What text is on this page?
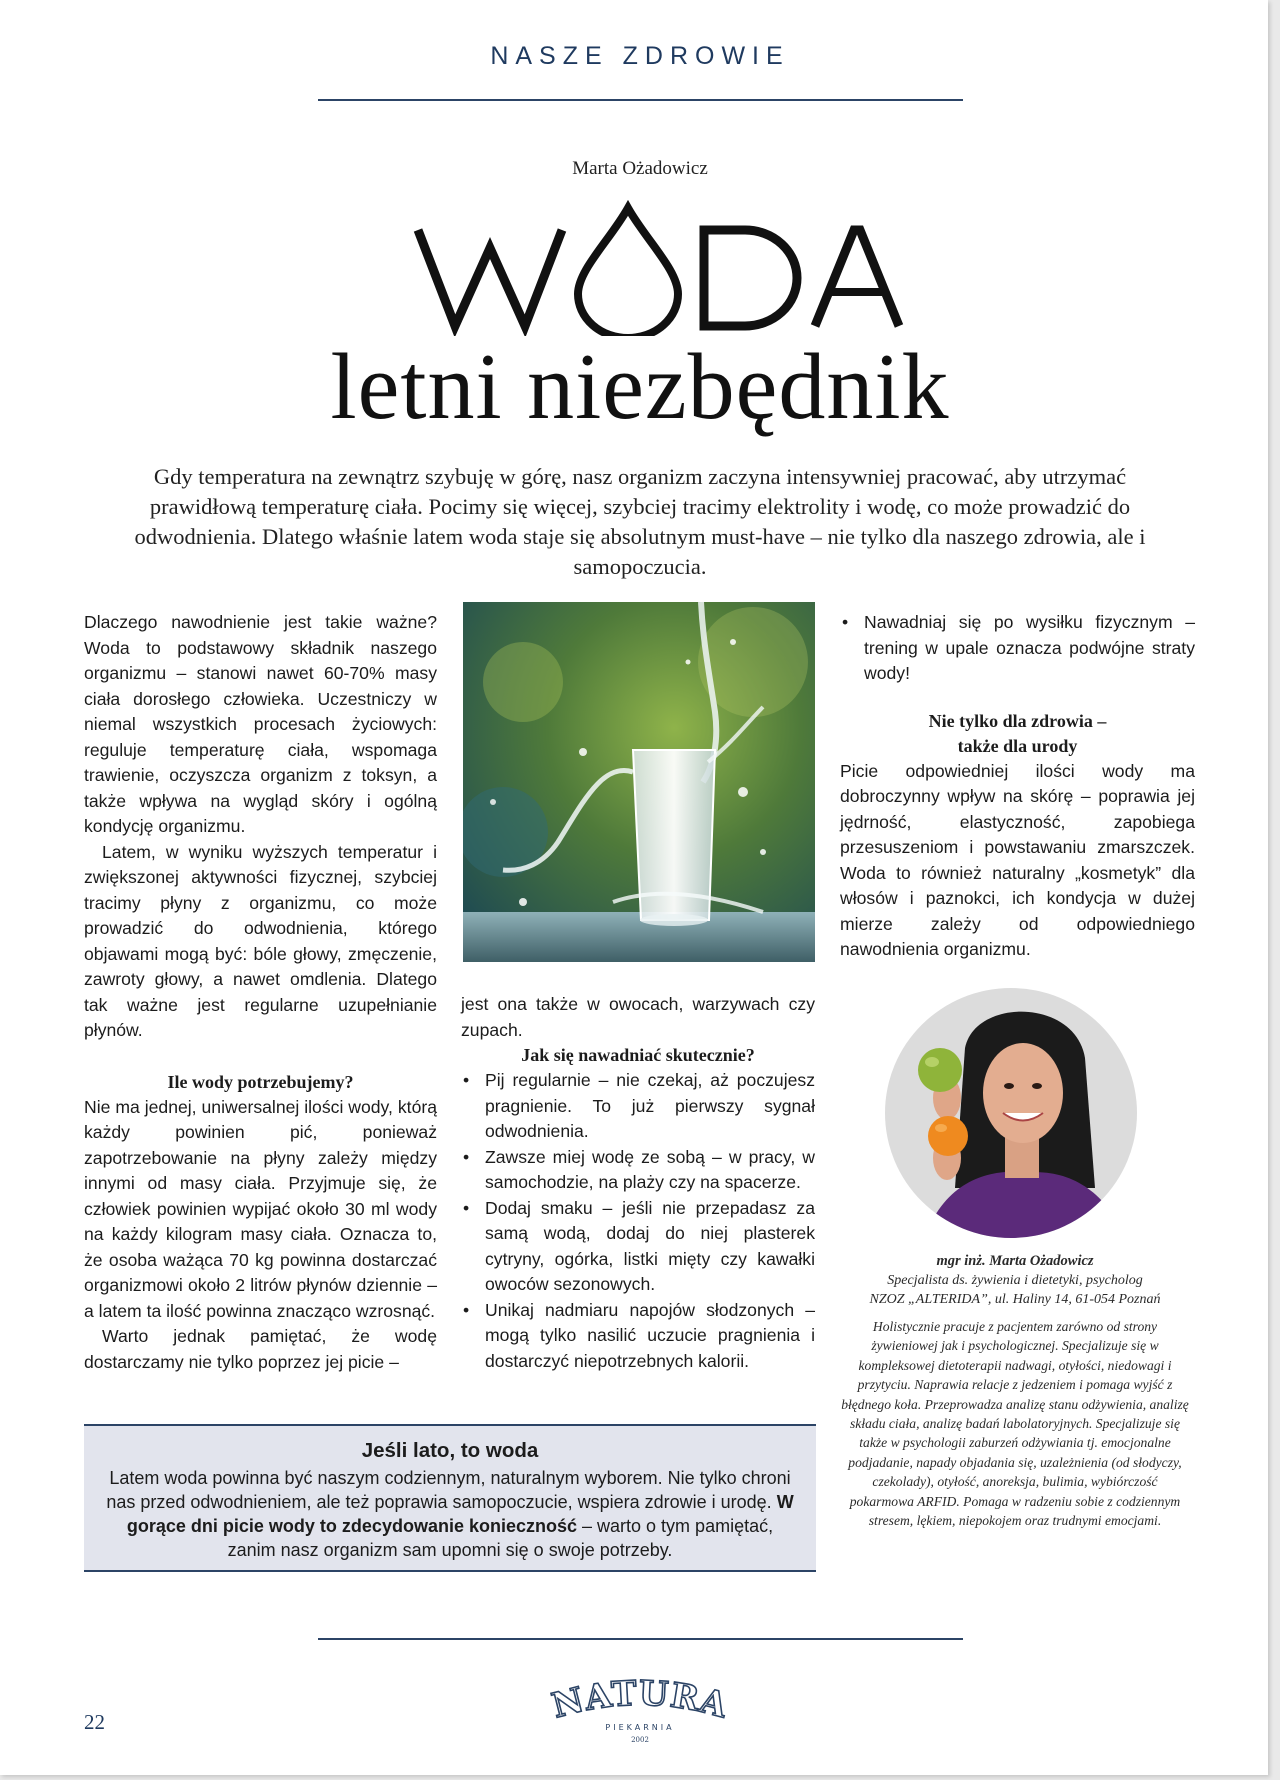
NASZE ZDROWIE
Marta Ożadowicz
letni niezbędnik
Gdy temperatura na zewnątrz szybuję w górę, nasz organizm zaczyna intensywniej pracować, aby utrzymać prawidłową temperaturę ciała. Pocimy się więcej, szybciej tracimy elektrolity i wodę, co może prowadzić do odwodnienia. Dlatego właśnie latem woda staje się absolutnym must-have – nie tylko dla naszego zdrowia, ale i samopoczucia.

Dlaczego nawodnienie jest takie ważne? Woda to podstawowy składnik naszego organizmu – stanowi nawet 60-70% masy ciała dorosłego człowieka. Uczestniczy w niemal wszystkich procesach życiowych: reguluje temperaturę ciała, wspomaga trawienie, oczyszcza organizm z toksyn, a także wpływa na wygląd skóry i ogólną kondycję organizmu.

Latem, w wyniku wyższych temperatur i zwiększonej aktywności fizycznej, szybciej tracimy płyny z organizmu, co może prowadzić do odwodnienia, którego objawami mogą być: bóle głowy, zmęczenie, zawroty głowy, a nawet omdlenia. Dlatego tak ważne jest regularne uzupełnianie płynów.

Ile wody potrzebujemy?

Nie ma jednej, uniwersalnej ilości wody, którą każdy powinien pić, ponieważ zapotrzebowanie na płyny zależy między innymi od masy ciała. Przyjmuje się, że człowiek powinien wypijać około 30 ml wody na każdy kilogram masy ciała. Oznacza to, że osoba ważąca 70 kg powinna dostarczać organizmowi około 2 litrów płynów dziennie – a latem ta ilość powinna znacząco wzrosnąć.

Warto jednak pamiętać, że wodę dostarczamy nie tylko poprzez jej picie –

jest ona także w owocach, warzywach czy zupach.

Jak się nawadniać skutecznie?

• Pij regularnie – nie czekaj, aż poczujesz pragnienie. To już pierwszy sygnał odwodnienia.
• Zawsze miej wodę ze sobą – w pracy, w samochodzie, na plaży czy na spacerze.
• Dodaj smaku – jeśli nie przepadasz za samą wodą, dodaj do niej plasterek cytryny, ogórka, listki mięty czy kawałki owoców sezonowych.
• Unikaj nadmiaru napojów słodzonych – mogą tylko nasilić uczucie pragnienia i dostarczyć niepotrzebnych kalorii.
• Nawadniaj się po wysiłku fizycznym – trening w upale oznacza podwójne straty wody!

Nie tylko dla zdrowia –

także dla urody

Picie odpowiedniej ilości wody ma dobroczynny wpływ na skórę – poprawia jej jędrność, elastyczność, zapobiega przesuszeniom i powstawaniu zmarszczek. Woda to również naturalny „kosmetyk” dla włosów i paznokci, ich kondycja w dużej mierze zależy od odpowiedniego nawodnienia organizmu.

mgr inż. Marta Ożadowicz
Specjalista ds. żywienia i dietetyki, psycholog
NZOZ „ALTERIDA”, ul. Haliny 14, 61-054 Poznań
Holistycznie pracuje z pacjentem zarówno od strony żywieniowej jak i psychologicznej. Specjalizuje się w kompleksowej dietoterapii nadwagi, otyłości, niedowagi i przytyciu. Naprawia relacje z jedzeniem i pomaga wyjść z błędnego koła. Przeprowadza analizę stanu odżywienia, analizę składu ciała, analizę badań labolatoryjnych. Specjalizuje się także w psychologii zaburzeń odżywiania tj. emocjonalne podjadanie, napady objadania się, uzależnienia (od słodyczy, czekolady), otyłość, anoreksja, bulimia, wybiórczość pokarmowa ARFID. Pomaga w radzeniu sobie z codziennym stresem, lękiem, niepokojem oraz trudnymi emocjami.
Jeśli lato, to woda
Latem woda powinna być naszym codziennym, naturalnym wyborem. Nie tylko chroni nas przed odwodnieniem, ale też poprawia samopoczucie, wspiera zdrowie i urodę. W gorące dni picie wody to zdecydowanie konieczność – warto o tym pamiętać, zanim nasz organizm sam upomni się o swoje potrzeby.
22	NATURA
PIEKARNIA
2002
